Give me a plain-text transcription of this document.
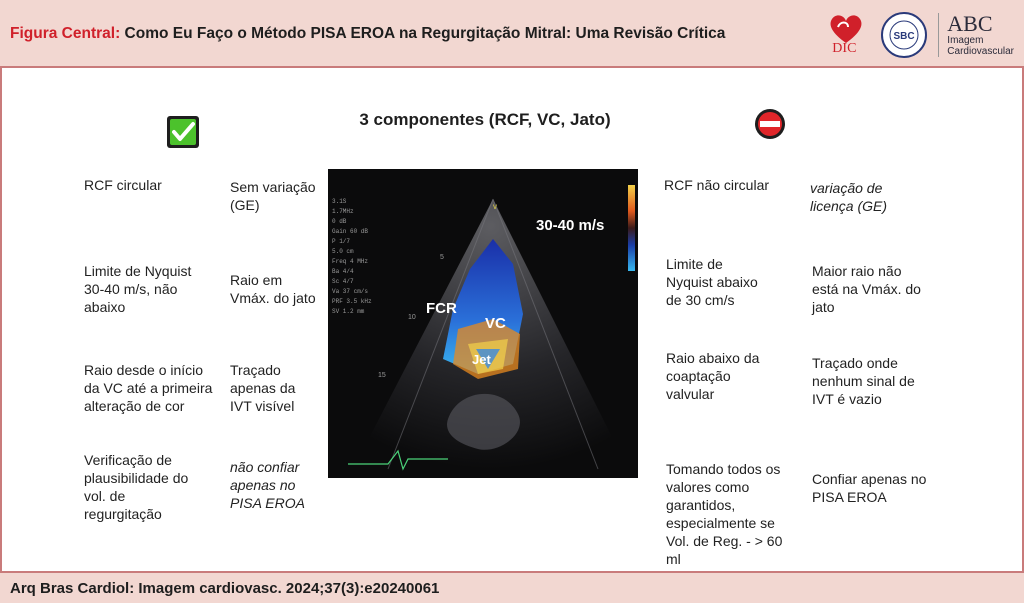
Figura Central: Como Eu Faço o Método PISA EROA na Regurgitação Mitral: Uma Revisão Crítica
DIC
SBC
ABC
Imagem
Cardiovascular
3 componentes (RCF, VC, Jato)
RCF circular
Limite de Nyquist 30-40 m/s, não abaixo
Raio desde o início da VC até a primeira alteração de cor
Verificação de plausibilidade do vol. de regurgitação
Sem variação (GE)
Raio em Vmáx. do jato
Traçado apenas da IVT visível
não confiar apenas no PISA EROA
v
5
10
15
3.1S
1.7MHz
0 dB
Gain 60 dB
P 1/7
5.0 cm
Freq 4 MHz
Ba 4/4
Sc 4/7
Va 37 cm/s
PRF 3.5 kHz
SV 1.2 mm
30-40 m/s
FCR
VC
Jet
RCF não circular
Limite de Nyquist abaixo de 30 cm/s
Raio abaixo da coaptação valvular
Tomando todos os valores como garantidos, especialmente se Vol. de Reg. - > 60 ml
variação de licença (GE)
Maior raio não está na Vmáx. do jato
Traçado onde nenhum sinal de IVT é vazio
Confiar apenas no PISA EROA
Arq Bras Cardiol: Imagem cardiovasc. 2024;37(3):e20240061
